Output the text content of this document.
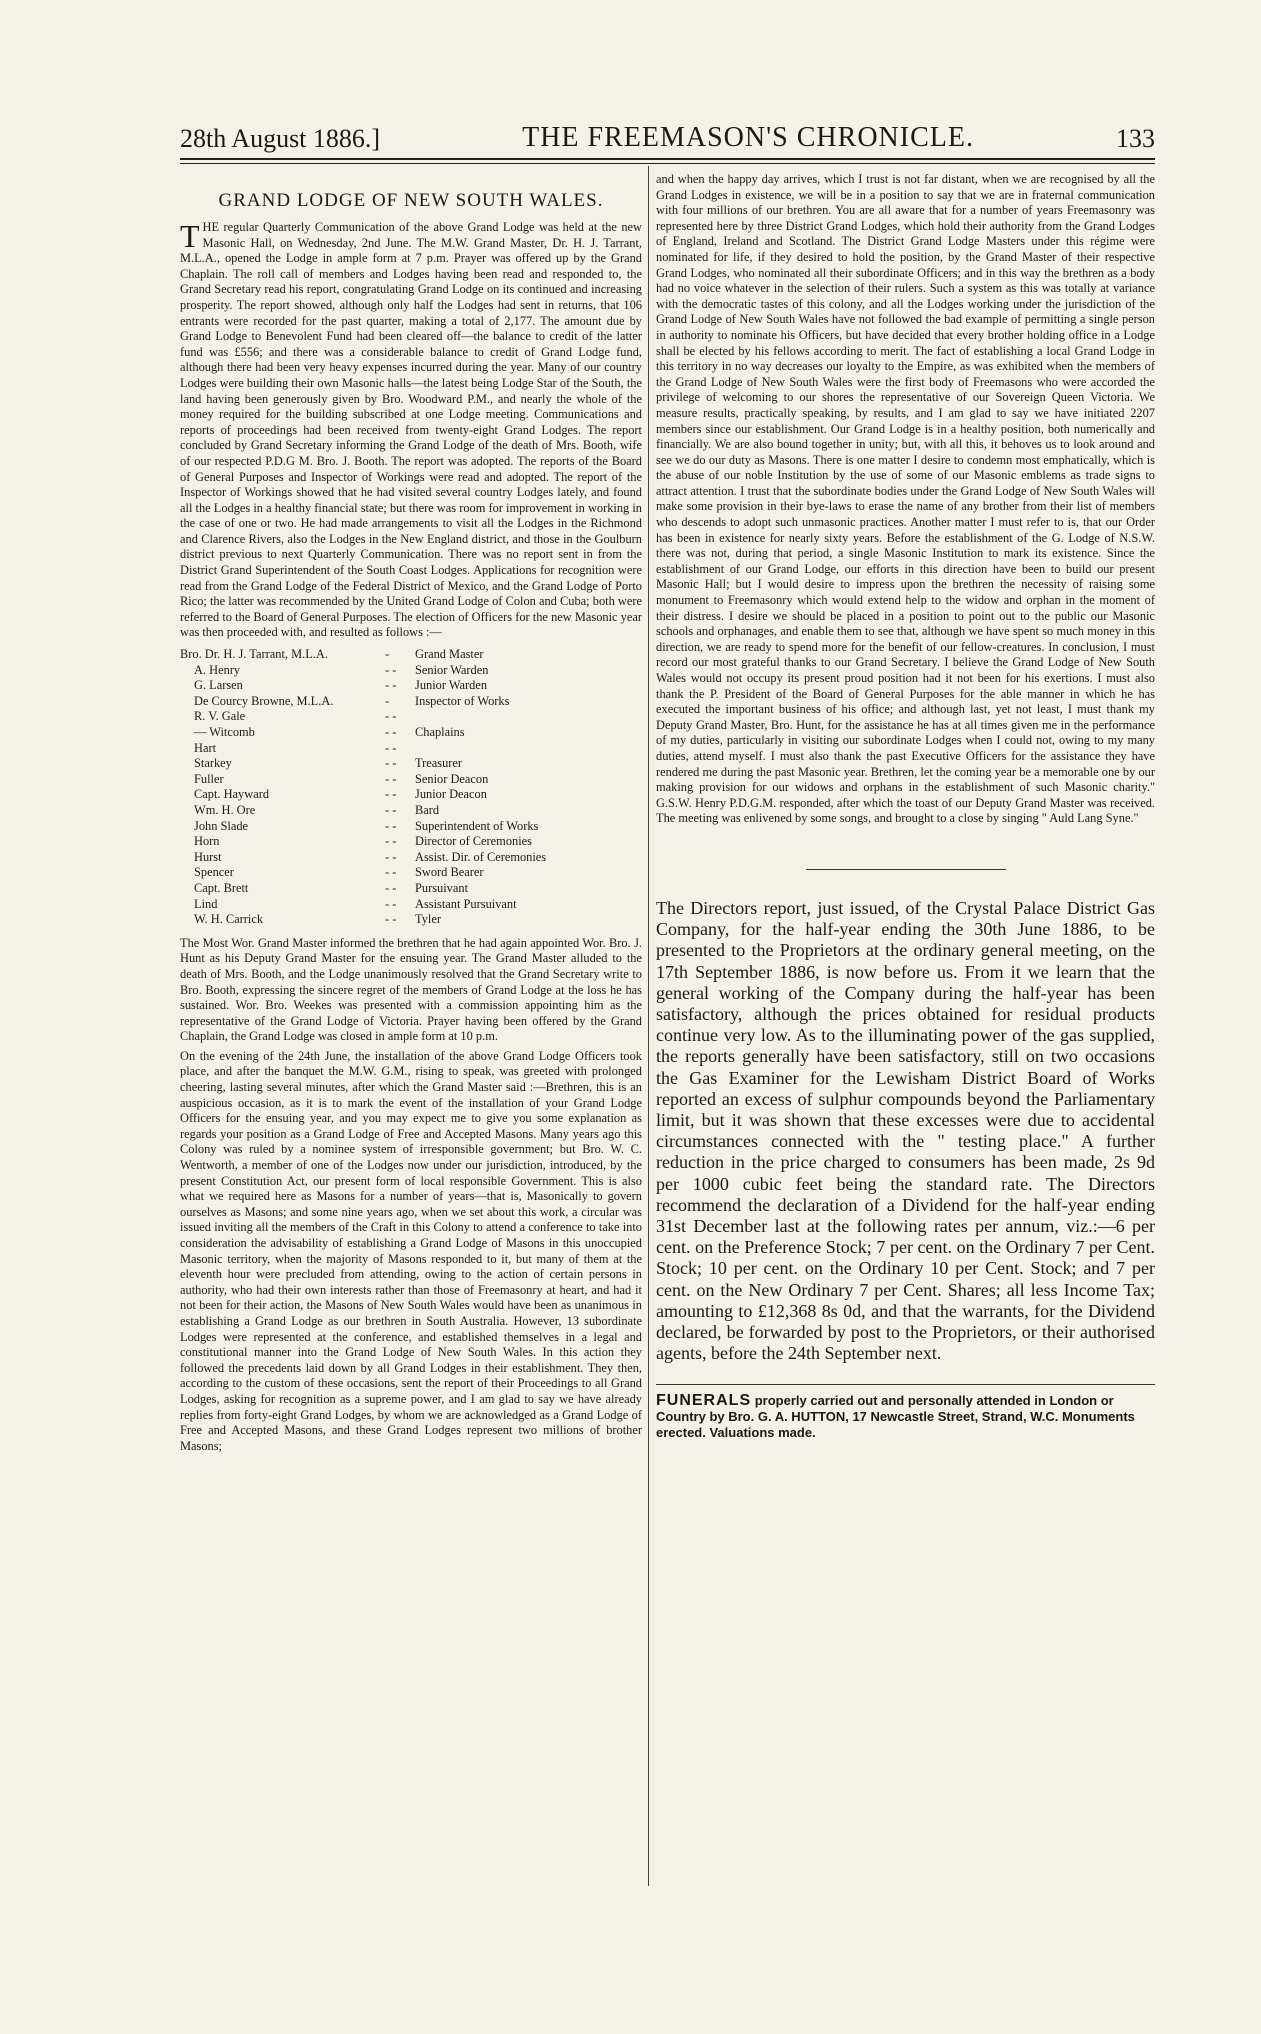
28th August 1886.]	THE FREEMASON'S CHRONICLE.	133
GRAND LODGE OF NEW SOUTH WALES.

THE regular Quarterly Communication of the above Grand Lodge was held at the new Masonic Hall, on Wednesday, 2nd June. The M.W. Grand Master, Dr. H. J. Tarrant, M.L.A., opened the Lodge in ample form at 7 p.m. Prayer was offered up by the Grand Chaplain. The roll call of members and Lodges having been read and responded to, the Grand Secretary read his report, congratulating Grand Lodge on its continued and increasing prosperity. The report showed, although only half the Lodges had sent in returns, that 106 entrants were recorded for the past quarter, making a total of 2,177. The amount due by Grand Lodge to Benevolent Fund had been cleared off—the balance to credit of the latter fund was £556; and there was a considerable balance to credit of Grand Lodge fund, although there had been very heavy expenses incurred during the year. Many of our country Lodges were building their own Masonic halls—the latest being Lodge Star of the South, the land having been generously given by Bro. Woodward P.M., and nearly the whole of the money required for the building subscribed at one Lodge meeting. Communications and reports of proceedings had been received from twenty-eight Grand Lodges. The report concluded by Grand Secretary informing the Grand Lodge of the death of Mrs. Booth, wife of our respected P.D.G M. Bro. J. Booth. The report was adopted. The reports of the Board of General Purposes and Inspector of Workings were read and adopted. The report of the Inspector of Workings showed that he had visited several country Lodges lately, and found all the Lodges in a healthy financial state; but there was room for improvement in working in the case of one or two. He had made arrangements to visit all the Lodges in the Richmond and Clarence Rivers, also the Lodges in the New England district, and those in the Goulburn district previous to next Quarterly Communication. There was no report sent in from the District Grand Superintendent of the South Coast Lodges. Applications for recognition were read from the Grand Lodge of the Federal District of Mexico, and the Grand Lodge of Porto Rico; the latter was recommended by the United Grand Lodge of Colon and Cuba; both were referred to the Board of General Purposes. The election of Officers for the new Masonic year was then proceeded with, and resulted as follows :—

Bro. Dr. H. J. Tarrant, M.L.A.	-	Grand Master
A. Henry	- -	Senior Warden
G. Larsen	- -	Junior Warden
De Courcy Browne, M.L.A.	-	Inspector of Works
R. V. Gale	- -
— Witcomb	- -	Chaplains
Hart	- -
Starkey	- -	Treasurer
Fuller	- -	Senior Deacon
Capt. Hayward	- -	Junior Deacon
Wm. H. Ore	- -	Bard
John Slade	- -	Superintendent of Works
Horn	- -	Director of Ceremonies
Hurst	- -	Assist. Dir. of Ceremonies
Spencer	- -	Sword Bearer
Capt. Brett	- -	Pursuivant
Lind	- -	Assistant Pursuivant
W. H. Carrick	- -	Tyler

The Most Wor. Grand Master informed the brethren that he had again appointed Wor. Bro. J. Hunt as his Deputy Grand Master for the ensuing year. The Grand Master alluded to the death of Mrs. Booth, and the Lodge unanimously resolved that the Grand Secretary write to Bro. Booth, expressing the sincere regret of the members of Grand Lodge at the loss he has sustained. Wor. Bro. Weekes was presented with a commission appointing him as the representative of the Grand Lodge of Victoria. Prayer having been offered by the Grand Chaplain, the Grand Lodge was closed in ample form at 10 p.m.

On the evening of the 24th June, the installation of the above Grand Lodge Officers took place, and after the banquet the M.W. G.M., rising to speak, was greeted with prolonged cheering, lasting several minutes, after which the Grand Master said :—Brethren, this is an auspicious occasion, as it is to mark the event of the installation of your Grand Lodge Officers for the ensuing year, and you may expect me to give you some explanation as regards your position as a Grand Lodge of Free and Accepted Masons. Many years ago this Colony was ruled by a nominee system of irresponsible government; but Bro. W. C. Wentworth, a member of one of the Lodges now under our jurisdiction, introduced, by the present Constitution Act, our present form of local responsible Government. This is also what we required here as Masons for a number of years—that is, Masonically to govern ourselves as Masons; and some nine years ago, when we set about this work, a circular was issued inviting all the members of the Craft in this Colony to attend a conference to take into consideration the advisability of establishing a Grand Lodge of Masons in this unoccupied Masonic territory, when the majority of Masons responded to it, but many of them at the eleventh hour were precluded from attending, owing to the action of certain persons in authority, who had their own interests rather than those of Freemasonry at heart, and had it not been for their action, the Masons of New South Wales would have been as unanimous in establishing a Grand Lodge as our brethren in South Australia. However, 13 subordinate Lodges were represented at the conference, and established themselves in a legal and constitutional manner into the Grand Lodge of New South Wales. In this action they followed the precedents laid down by all Grand Lodges in their establishment. They then, according to the custom of these occasions, sent the report of their Proceedings to all Grand Lodges, asking for recognition as a supreme power, and I am glad to say we have already replies from forty-eight Grand Lodges, by whom we are acknowledged as a Grand Lodge of Free and Accepted Masons, and these Grand Lodges represent two millions of brother Masons;

and when the happy day arrives, which I trust is not far distant, when we are recognised by all the Grand Lodges in existence, we will be in a position to say that we are in fraternal communication with four millions of our brethren. You are all aware that for a number of years Freemasonry was represented here by three District Grand Lodges, which hold their authority from the Grand Lodges of England, Ireland and Scotland. The District Grand Lodge Masters under this régime were nominated for life, if they desired to hold the position, by the Grand Master of their respective Grand Lodges, who nominated all their subordinate Officers; and in this way the brethren as a body had no voice whatever in the selection of their rulers. Such a system as this was totally at variance with the democratic tastes of this colony, and all the Lodges working under the jurisdiction of the Grand Lodge of New South Wales have not followed the bad example of permitting a single person in authority to nominate his Officers, but have decided that every brother holding office in a Lodge shall be elected by his fellows according to merit. The fact of establishing a local Grand Lodge in this territory in no way decreases our loyalty to the Empire, as was exhibited when the members of the Grand Lodge of New South Wales were the first body of Freemasons who were accorded the privilege of welcoming to our shores the representative of our Sovereign Queen Victoria. We measure results, practically speaking, by results, and I am glad to say we have initiated 2207 members since our establishment. Our Grand Lodge is in a healthy position, both numerically and financially. We are also bound together in unity; but, with all this, it behoves us to look around and see we do our duty as Masons. There is one matter I desire to condemn most emphatically, which is the abuse of our noble Institution by the use of some of our Masonic emblems as trade signs to attract attention. I trust that the subordinate bodies under the Grand Lodge of New South Wales will make some provision in their bye-laws to erase the name of any brother from their list of members who descends to adopt such unmasonic practices. Another matter I must refer to is, that our Order has been in existence for nearly sixty years. Before the establishment of the G. Lodge of N.S.W. there was not, during that period, a single Masonic Institution to mark its existence. Since the establishment of our Grand Lodge, our efforts in this direction have been to build our present Masonic Hall; but I would desire to impress upon the brethren the necessity of raising some monument to Freemasonry which would extend help to the widow and orphan in the moment of their distress. I desire we should be placed in a position to point out to the public our Masonic schools and orphanages, and enable them to see that, although we have spent so much money in this direction, we are ready to spend more for the benefit of our fellow-creatures. In conclusion, I must record our most grateful thanks to our Grand Secretary. I believe the Grand Lodge of New South Wales would not occupy its present proud position had it not been for his exertions. I must also thank the P. President of the Board of General Purposes for the able manner in which he has executed the important business of his office; and although last, yet not least, I must thank my Deputy Grand Master, Bro. Hunt, for the assistance he has at all times given me in the performance of my duties, particularly in visiting our subordinate Lodges when I could not, owing to my many duties, attend myself. I must also thank the past Executive Officers for the assistance they have rendered me during the past Masonic year. Brethren, let the coming year be a memorable one by our making provision for our widows and orphans in the establishment of such Masonic charity." G.S.W. Henry P.D.G.M. responded, after which the toast of our Deputy Grand Master was received. The meeting was enlivened by some songs, and brought to a close by singing " Auld Lang Syne."

The Directors report, just issued, of the Crystal Palace District Gas Company, for the half-year ending the 30th June 1886, to be presented to the Proprietors at the ordinary general meeting, on the 17th September 1886, is now before us. From it we learn that the general working of the Company during the half-year has been satisfactory, although the prices obtained for residual products continue very low. As to the illuminating power of the gas supplied, the reports generally have been satisfactory, still on two occasions the Gas Examiner for the Lewisham District Board of Works reported an excess of sulphur compounds beyond the Parliamentary limit, but it was shown that these excesses were due to accidental circumstances connected with the " testing place." A further reduction in the price charged to consumers has been made, 2s 9d per 1000 cubic feet being the standard rate. The Directors recommend the declaration of a Dividend for the half-year ending 31st December last at the following rates per annum, viz.:—6 per cent. on the Preference Stock; 7 per cent. on the Ordinary 7 per Cent. Stock; 10 per cent. on the Ordinary 10 per Cent. Stock; and 7 per cent. on the New Ordinary 7 per Cent. Shares; all less Income Tax; amounting to £12,368 8s 0d, and that the warrants, for the Dividend declared, be forwarded by post to the Proprietors, or their authorised agents, before the 24th September next.

FUNERALS properly carried out and personally attended in London or Country by Bro. G. A. HUTTON, 17 Newcastle Street, Strand, W.C. Monuments erected. Valuations made.
